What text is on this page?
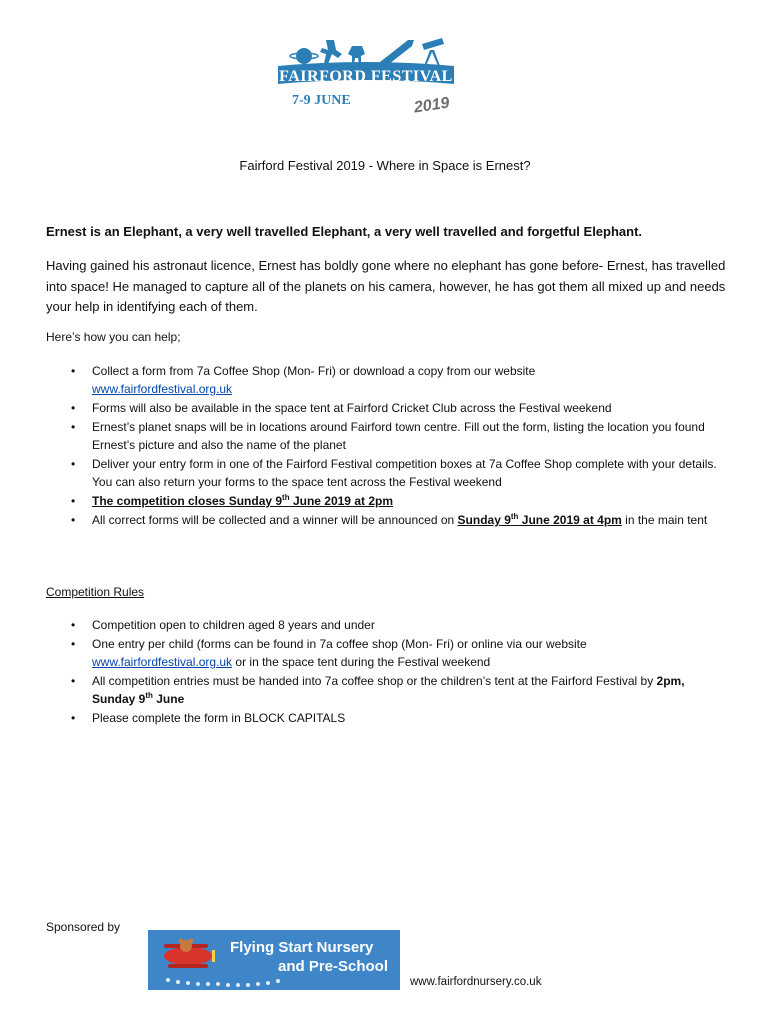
FAIRFORD FESTIVAL
7-9 JUNE	2019
Fairford Festival 2019 - Where in Space is Ernest?
Ernest is an Elephant, a very well travelled Elephant, a very well travelled and forgetful Elephant.
Having gained his astronaut licence, Ernest has boldly gone where no elephant has gone before- Ernest, has travelled into space! He managed to capture all of the planets on his camera, however, he has got them all mixed up and needs your help in identifying each of them.
Here’s how you can help;
• Collect a form from 7a Coffee Shop (Mon- Fri) or download a copy from our website
www.fairfordfestival.org.uk
• Forms will also be available in the space tent at Fairford Cricket Club across the Festival weekend
• Ernest’s planet snaps will be in locations around Fairford town centre. Fill out the form, listing the location you found Ernest’s picture and also the name of the planet
• Deliver your entry form in one of the Fairford Festival competition boxes at 7a Coffee Shop complete with your details. You can also return your forms to the space tent across the Festival weekend
• The competition closes Sunday 9th June 2019 at 2pm
• All correct forms will be collected and a winner will be announced on Sunday 9th June 2019 at 4pm in the main tent
Competition Rules
• Competition open to children aged 8 years and under
• One entry per child (forms can be found in 7a coffee shop (Mon- Fri) or online via our website www.fairfordfestival.org.uk or in the space tent during the Festival weekend
• All competition entries must be handed into 7a coffee shop or the children’s tent at the Fairford Festival by 2pm, Sunday 9th June
• Please complete the form in BLOCK CAPITALS
Sponsored by
Flying Start Nursery
and Pre-School
www.fairfordnursery.co.uk
